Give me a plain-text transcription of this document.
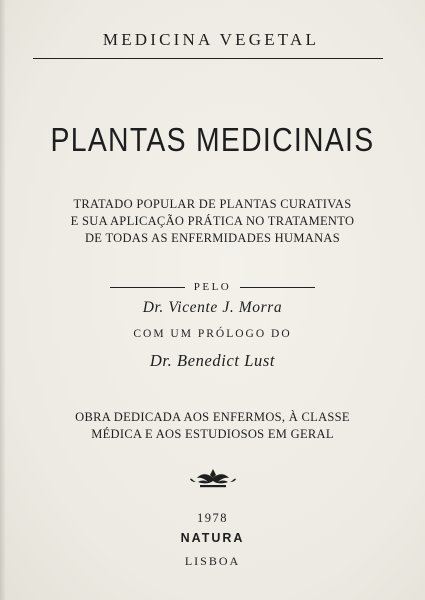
MEDICINA VEGETAL
PLANTAS MEDICINAIS
TRATADO POPULAR DE PLANTAS CURATIVAS
E SUA APLICAÇÃO PRÁTICA NO TRATAMENTO
DE TODAS AS ENFERMIDADES HUMANAS
PELO
Dr. Vicente J. Morra
COM UM PRÓLOGO DO
Dr. Benedict Lust
OBRA DEDICADA AOS ENFERMOS, À CLASSE
MÉDICA E AOS ESTUDIOSOS EM GERAL
1978
NATURA
LISBOA
